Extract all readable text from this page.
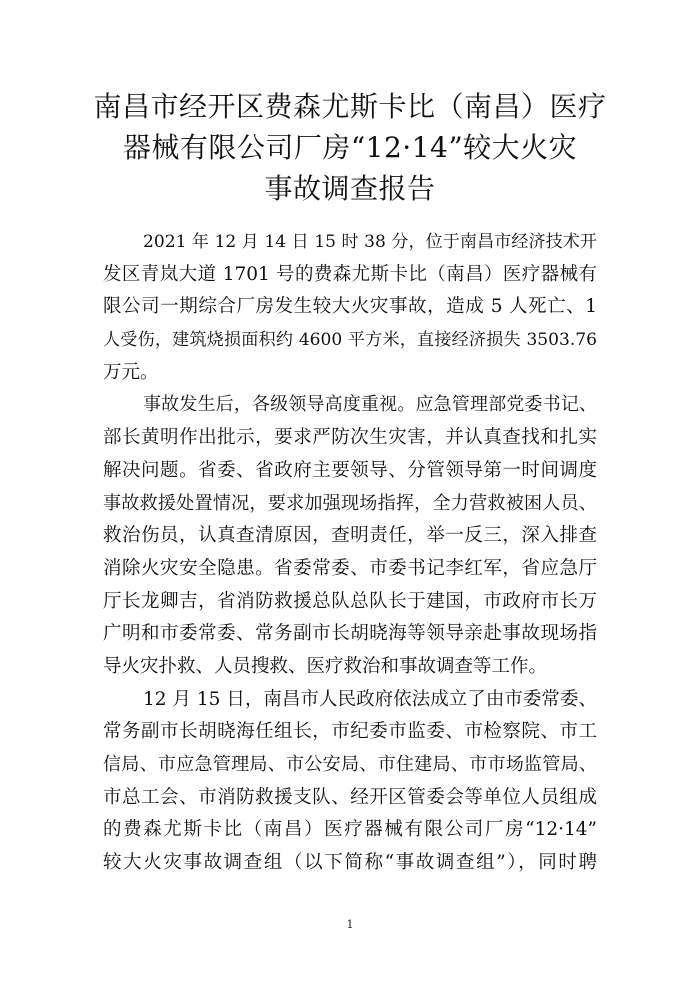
南昌市经开区费森尤斯卡比（南昌）医疗
器械有限公司厂房“12·14”较大火灾
事故调查报告
2021 年 12 月 14 日 15 时 38 分，位于南昌市经济技术开
发区青岚大道 1701 号的费森尤斯卡比（南昌）医疗器械有
限公司一期综合厂房发生较大火灾事故，造成 5 人死亡、1
人受伤，建筑烧损面积约 4600 平方米，直接经济损失 3503.76
万元。
事故发生后，各级领导高度重视。应急管理部党委书记、
部长黄明作出批示，要求严防次生灾害，并认真查找和扎实
解决问题。省委、省政府主要领导、分管领导第一时间调度
事故救援处置情况，要求加强现场指挥，全力营救被困人员、
救治伤员，认真查清原因，查明责任，举一反三，深入排查
消除火灾安全隐患。省委常委、市委书记李红军，省应急厅
厅长龙卿吉，省消防救援总队总队长于建国，市政府市长万
广明和市委常委、常务副市长胡晓海等领导亲赴事故现场指
导火灾扑救、人员搜救、医疗救治和事故调查等工作。
12 月 15 日，南昌市人民政府依法成立了由市委常委、
常务副市长胡晓海任组长，市纪委市监委、市检察院、市工
信局、市应急管理局、市公安局、市住建局、市市场监管局、
市总工会、市消防救援支队、经开区管委会等单位人员组成
的费森尤斯卡比（南昌）医疗器械有限公司厂房“12·14”
较大火灾事故调查组（以下简称“事故调查组”），同时聘
1
